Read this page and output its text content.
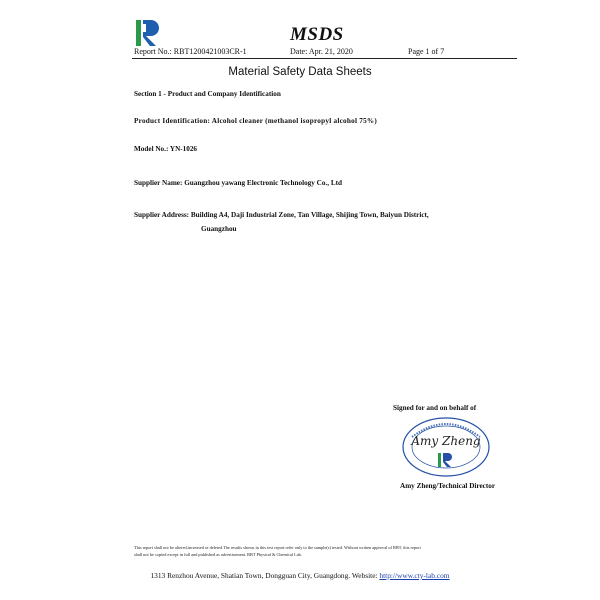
MSDS
Report No.: RBT1200421003CR-1	Date: Apr. 21, 2020	Page 1 of 7
Material Safety Data Sheets
Section 1 - Product and Company Identification
Product Identification: Alcohol cleaner (methanol isopropyl alcohol 75%)
Model No.: YN-1026
Supplier Name: Guangzhou yawang Electronic Technology Co., Ltd
Supplier Address: Building A4, Daji Industrial Zone, Tan Village, Shijing Town, Baiyun District,
Guangzhou
Signed for and on behalf of
Amy Zheng
Amy Zheng/Technical Director
This report shall not be altered,increased or deleted.The results shown in this test report refer only to the sample(s) tested. Without written approval of RBT, this report
shall not be copied except in full and published as advertisement. RBT Physical & Chemical Lab.
1313 Renzhou Avenue, Shatian Town, Dongguan City, Guangdong. Website: http://www.cty-lab.com
